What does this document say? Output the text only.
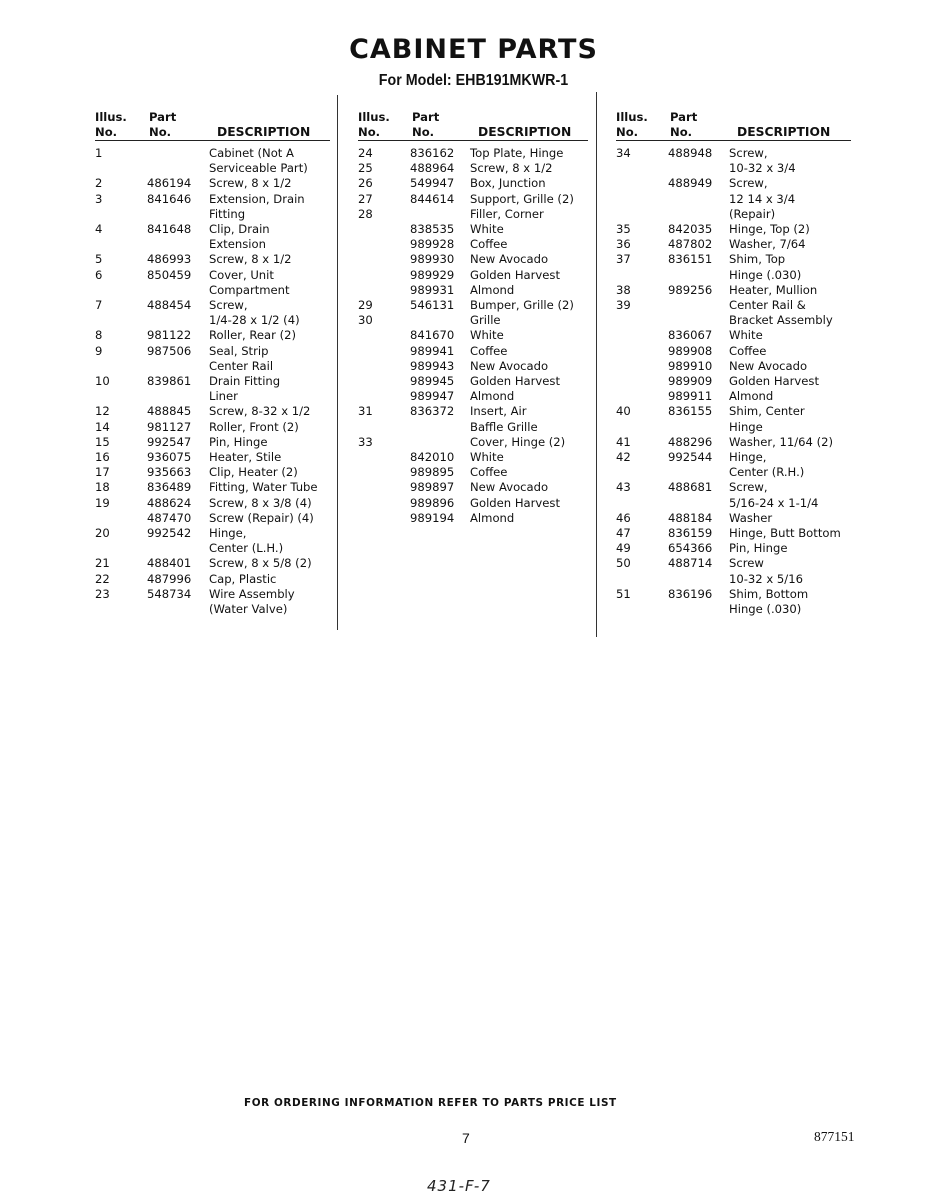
CABINET PARTS
For Model: EHB191MKWR-1
Illus.
No.
Part
No.	DESCRIPTION
1	Cabinet (Not A
Serviceable Part)
2	486194 Screw, 8 x 1/2
3	841646 Extension, Drain
Fitting
4	841648 Clip, Drain
Extension
5	486993 Screw, 8 x 1/2
6	850459 Cover, Unit
Compartment
7	488454 Screw,
1/4-28 x 1/2 (4)
8	981122 Roller, Rear (2)
9	987506 Seal, Strip
Center Rail
10	839861 Drain Fitting
Liner
12	488845 Screw, 8-32 x 1/2
14	981127 Roller, Front (2)
15	992547 Pin, Hinge
16	936075 Heater, Stile
17	935663 Clip, Heater (2)
18	836489 Fitting, Water Tube
19	488624 Screw, 8 x 3/8 (4)
487470 Screw (Repair) (4)
20	992542 Hinge,
Center (L.H.)
21	488401 Screw, 8 x 5/8 (2)
22	487996 Cap, Plastic
23	548734 Wire Assembly
(Water Valve)
Illus.
No.
Part
No.	DESCRIPTION
24	836162 Top Plate, Hinge
25	488964 Screw, 8 x 1/2
26	549947 Box, Junction
27	844614 Support, Grille (2)
28	Filler, Corner
838535 White
989928 Coffee
989930 New Avocado
989929 Golden Harvest
989931 Almond
29	546131 Bumper, Grille (2)
30	Grille
841670 White
989941 Coffee
989943 New Avocado
989945 Golden Harvest
989947 Almond
31	836372 Insert, Air
Baffle Grille
33	Cover, Hinge (2)
842010 White
989895 Coffee
989897 New Avocado
989896 Golden Harvest
989194 Almond
Illus.
No.
Part
No.	DESCRIPTION
34	488948 Screw,
10-32 x 3/4
488949 Screw,
12 14 x 3/4
(Repair)
35	842035 Hinge, Top (2)
36	487802 Washer, 7/64
37	836151 Shim, Top
Hinge (.030)
38	989256 Heater, Mullion
39	Center Rail &
Bracket Assembly
836067 White
989908 Coffee
989910 New Avocado
989909 Golden Harvest
989911 Almond
40	836155 Shim, Center
Hinge
41	488296 Washer, 11/64 (2)
42	992544 Hinge,
Center (R.H.)
43	488681 Screw,
5/16-24 x 1-1/4
46	488184 Washer
47	836159 Hinge, Butt Bottom
49	654366 Pin, Hinge
50	488714 Screw
10-32 x 5/16
51	836196 Shim, Bottom
Hinge (.030)
FOR ORDERING INFORMATION REFER TO PARTS PRICE LIST
7	877151
431-F-7
